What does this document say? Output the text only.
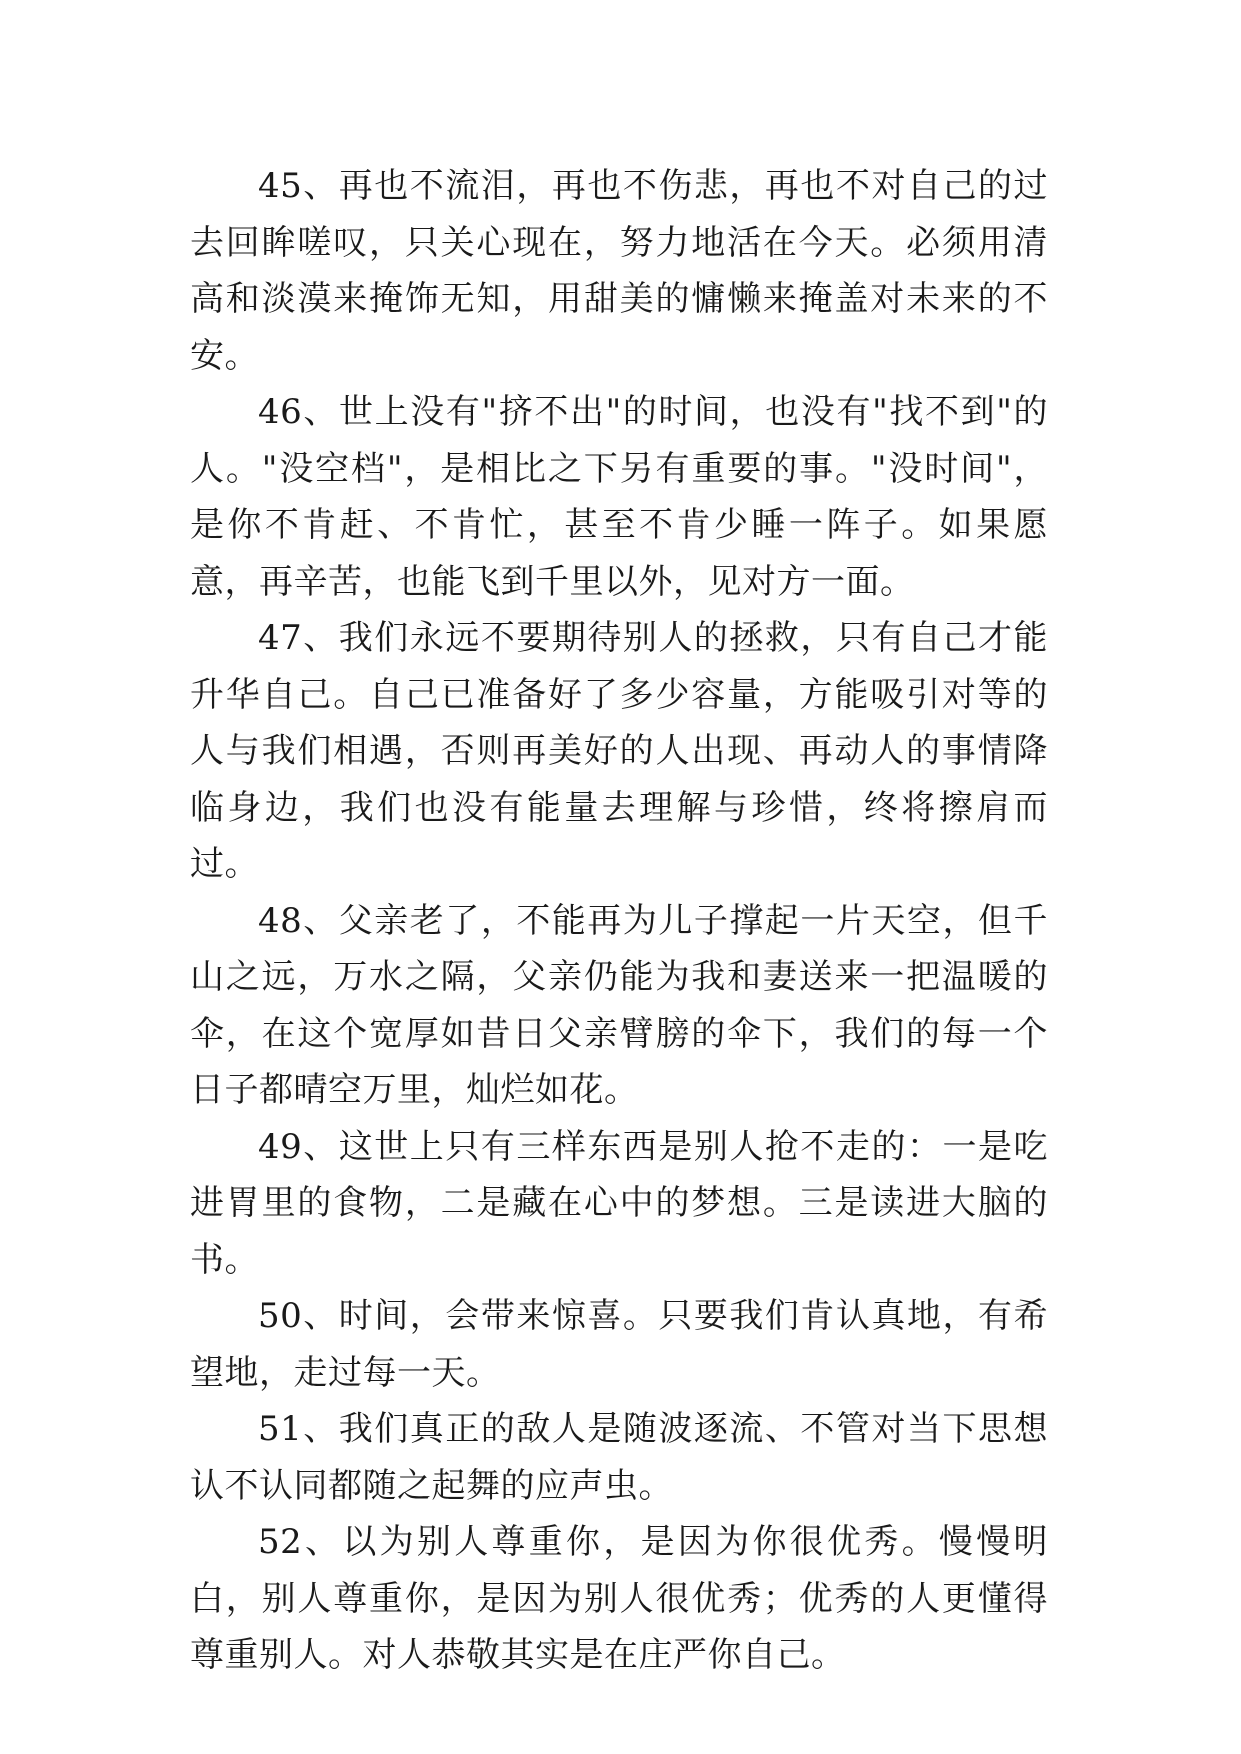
45、再也不流泪，再也不伤悲，再也不对自己的过去回眸嗟叹，只关心现在，努力地活在今天。必须用清高和淡漠来掩饰无知，用甜美的慵懒来掩盖对未来的不安。

46、世上没有"挤不出"的时间，也没有"找不到"的人。"没空档"，是相比之下另有重要的事。"没时间"，是你不肯赶、不肯忙，甚至不肯少睡一阵子。如果愿意，再辛苦，也能飞到千里以外，见对方一面。

47、我们永远不要期待别人的拯救，只有自己才能升华自己。自己已准备好了多少容量，方能吸引对等的人与我们相遇，否则再美好的人出现、再动人的事情降临身边，我们也没有能量去理解与珍惜，终将擦肩而过。

48、父亲老了，不能再为儿子撑起一片天空，但千山之远，万水之隔，父亲仍能为我和妻送来一把温暖的伞，在这个宽厚如昔日父亲臂膀的伞下，我们的每一个日子都晴空万里，灿烂如花。

49、这世上只有三样东西是别人抢不走的：一是吃进胃里的食物，二是藏在心中的梦想。三是读进大脑的书。

50、时间，会带来惊喜。只要我们肯认真地，有希望地，走过每一天。

51、我们真正的敌人是随波逐流、不管对当下思想认不认同都随之起舞的应声虫。

52、以为别人尊重你，是因为你很优秀。慢慢明白，别人尊重你，是因为别人很优秀；优秀的人更懂得尊重别人。对人恭敬其实是在庄严你自己。
